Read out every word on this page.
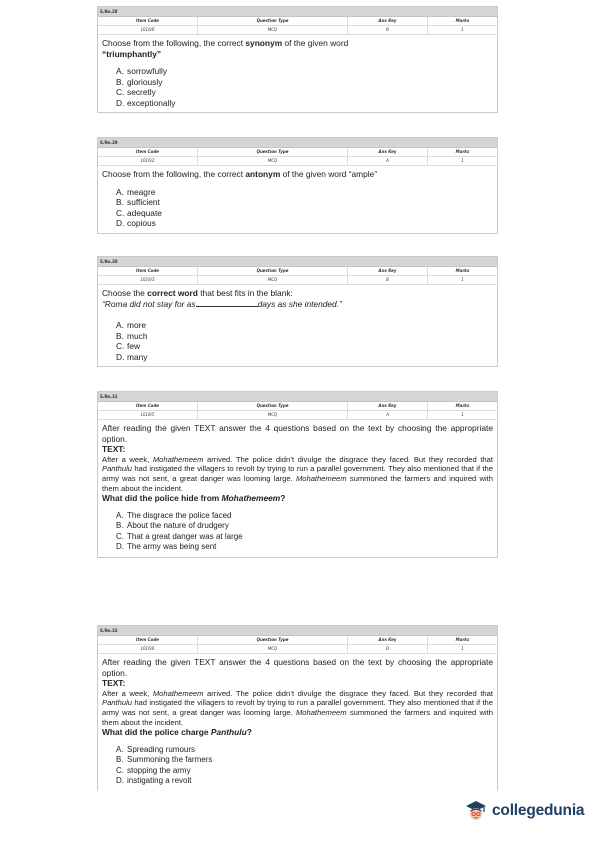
S.No.28
Item Code	Question Type	Ans Key	Marks
1016/6	MCQ	B	1

Choose from the following, the correct synonym of the given word

“triumphantly”

A. sorrowfully
B. gloriously
C. secretly
D. exceptionally
S.No.29
Item Code	Question Type	Ans Key	Marks
1016/2	MCQ	A	1

Choose from the following, the correct antonym of the given word “ample”

A. meagre
B. sufficient
C. adequate
D. copious
S.No.30
Item Code	Question Type	Ans Key	Marks
1016/3	MCQ	B	1

Choose the correct word that best fits in the blank:

“Roma did not stay for as	days as she intended.”

A. more
B. much
C. few
D. many
S.No.31
Item Code	Question Type	Ans Key	Marks
1016/5	MCQ	A	1

After reading the given TEXT answer the 4 questions based on the text by choosing the appropriate option.

TEXT:

After a week, Mohathemeem arrived. The police didn’t divulge the disgrace they faced. But they recorded that Panthulu had instigated the villagers to revolt by trying to run a parallel government. They also mentioned that if the army was not sent, a great danger was looming large. Mohathemeem summoned the farmers and inquired with them about the incident.

What did the police hide from Mohathemeem?

A. The disgrace the police faced
B. About the nature of drudgery
C. That a great danger was at large
D. The army was being sent
S.No.32
Item Code	Question Type	Ans Key	Marks
1016/6	MCQ	D	1

After reading the given TEXT answer the 4 questions based on the text by choosing the appropriate option.

TEXT:

After a week, Mohathemeem arrived. The police didn’t divulge the disgrace they faced. But they recorded that Panthulu had instigated the villagers to revolt by trying to run a parallel government. They also mentioned that if the army was not sent, a great danger was looming large. Mohathemeem summoned the farmers and inquired with them about the incident.

What did the police charge Panthulu?

A. Spreading rumours
B. Summoning the farmers
C. stopping the army
D. instigating a revolt
collegedunia
